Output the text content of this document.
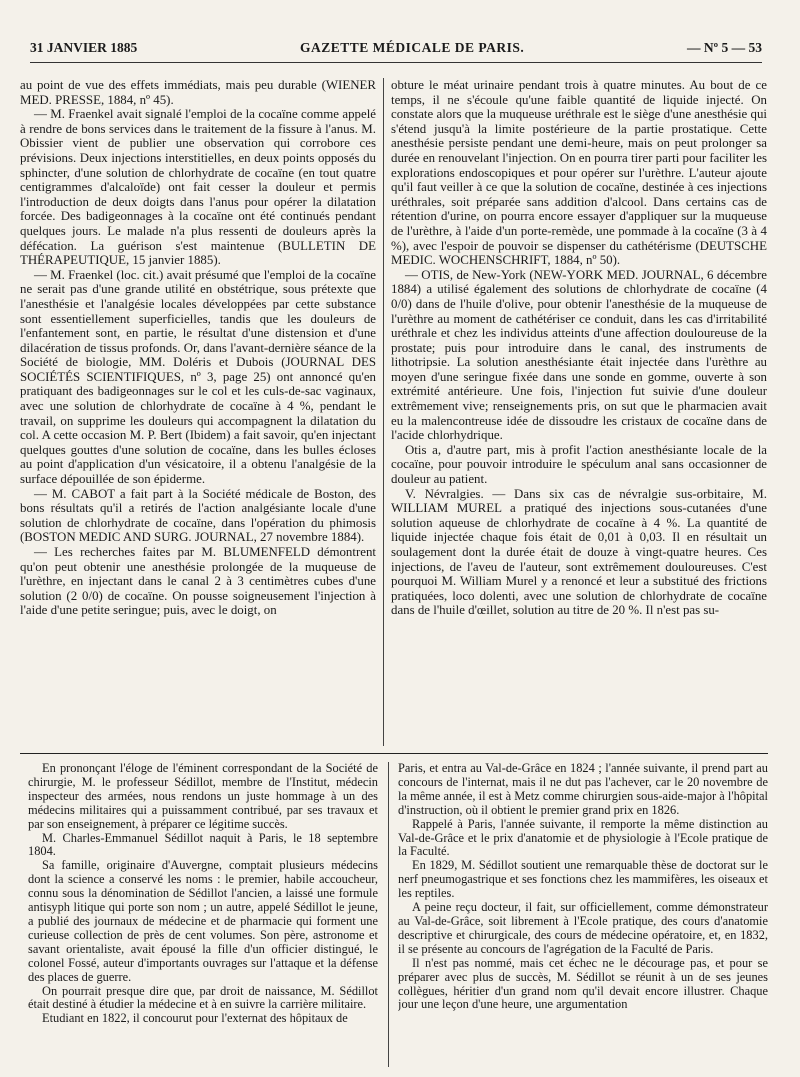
31 JANVIER 1885	GAZETTE MÉDICALE DE PARIS.	— Nº 5 — 53

au point de vue des effets immédiats, mais peu durable (WIENER MED. PRESSE, 1884, nº 45).

— M. Fraenkel avait signalé l'emploi de la cocaïne comme appelé à rendre de bons services dans le traitement de la fissure à l'anus. M. Obissier vient de publier une observation qui corrobore ces prévisions. Deux injections interstitielles, en deux points opposés du sphincter, d'une solution de chlorhydrate de cocaïne (en tout quatre centigrammes d'alcaloïde) ont fait cesser la douleur et permis l'introduction de deux doigts dans l'anus pour opérer la dilatation forcée. Des badigeonnages à la cocaïne ont été continués pendant quelques jours. Le malade n'a plus ressenti de douleurs après la défécation. La guérison s'est maintenue (BULLETIN DE THÉRAPEUTIQUE, 15 janvier 1885).

— M. Fraenkel (loc. cit.) avait présumé que l'emploi de la cocaïne ne serait pas d'une grande utilité en obstétrique, sous prétexte que l'anesthésie et l'analgésie locales développées par cette substance sont essentiellement superficielles, tandis que les douleurs de l'enfantement sont, en partie, le résultat d'une distension et d'une dilacération de tissus profonds. Or, dans l'avant-dernière séance de la Société de biologie, MM. Doléris et Dubois (JOURNAL DES SOCIÉTÉS SCIENTIFIQUES, nº 3, page 25) ont annoncé qu'en pratiquant des badigeonnages sur le col et les culs-de-sac vaginaux, avec une solution de chlorhydrate de cocaïne à 4 %, pendant le travail, on supprime les douleurs qui accompagnent la dilatation du col. A cette occasion M. P. Bert (Ibidem) a fait savoir, qu'en injectant quelques gouttes d'une solution de cocaïne, dans les bulles écloses au point d'application d'un vésicatoire, il a obtenu l'analgésie de la surface dépouillée de son épiderme.

— M. CABOT a fait part à la Société médicale de Boston, des bons résultats qu'il a retirés de l'action analgésiante locale d'une solution de chlorhydrate de cocaïne, dans l'opération du phimosis (BOSTON MEDIC AND SURG. JOURNAL, 27 novembre 1884).

— Les recherches faites par M. BLUMENFELD démontrent qu'on peut obtenir une anesthésie prolongée de la muqueuse de l'urèthre, en injectant dans le canal 2 à 3 centimètres cubes d'une solution (2 0/0) de cocaïne. On pousse soigneusement l'injection à l'aide d'une petite seringue; puis, avec le doigt, on

obture le méat urinaire pendant trois à quatre minutes. Au bout de ce temps, il ne s'écoule qu'une faible quantité de liquide injecté. On constate alors que la muqueuse uréthrale est le siège d'une anesthésie qui s'étend jusqu'à la limite postérieure de la partie prostatique. Cette anesthésie persiste pendant une demi-heure, mais on peut prolonger sa durée en renouvelant l'injection. On en pourra tirer parti pour faciliter les explorations endoscopiques et pour opérer sur l'urèthre. L'auteur ajoute qu'il faut veiller à ce que la solution de cocaïne, destinée à ces injections uréthrales, soit préparée sans addition d'alcool. Dans certains cas de rétention d'urine, on pourra encore essayer d'appliquer sur la muqueuse de l'urèthre, à l'aide d'un porte-remède, une pommade à la cocaïne (3 à 4 %), avec l'espoir de pouvoir se dispenser du cathétérisme (DEUTSCHE MEDIC. WOCHENSCHRIFT, 1884, nº 50).

— OTIS, de New-York (NEW-YORK MED. JOURNAL, 6 décembre 1884) a utilisé également des solutions de chlorhydrate de cocaïne (4 0/0) dans de l'huile d'olive, pour obtenir l'anesthésie de la muqueuse de l'urèthre au moment de cathétériser ce conduit, dans les cas d'irritabilité uréthrale et chez les individus atteints d'une affection douloureuse de la prostate; puis pour introduire dans le canal, des instruments de lithotripsie. La solution anesthésiante était injectée dans l'urèthre au moyen d'une seringue fixée dans une sonde en gomme, ouverte à son extrémité antérieure. Une fois, l'injection fut suivie d'une douleur extrêmement vive; renseignements pris, on sut que le pharmacien avait eu la malencontreuse idée de dissoudre les cristaux de cocaïne dans de l'acide chlorhydrique.

Otis a, d'autre part, mis à profit l'action anesthésiante locale de la cocaïne, pour pouvoir introduire le spéculum anal sans occasionner de douleur au patient.

V. Névralgies. — Dans six cas de névralgie sus-orbitaire, M. WILLIAM MUREL a pratiqué des injections sous-cutanées d'une solution aqueuse de chlorhydrate de cocaïne à 4 %. La quantité de liquide injectée chaque fois était de 0,01 à 0,03. Il en résultait un soulagement dont la durée était de douze à vingt-quatre heures. Ces injections, de l'aveu de l'auteur, sont extrêmement douloureuses. C'est pourquoi M. William Murel y a renoncé et leur a substitué des frictions pratiquées, loco dolenti, avec une solution de chlorhydrate de cocaïne dans de l'huile d'œillet, solution au titre de 20 %. Il n'est pas su-

En prononçant l'éloge de l'éminent correspondant de la Société de chirurgie, M. le professeur Sédillot, membre de l'Institut, médecin inspecteur des armées, nous rendons un juste hommage à un des médecins militaires qui a puissamment contribué, par ses travaux et par son enseignement, à préparer ce légitime succès.

M. Charles-Emmanuel Sédillot naquit à Paris, le 18 septembre 1804.

Sa famille, originaire d'Auvergne, comptait plusieurs médecins dont la science a conservé les noms : le premier, habile accoucheur, connu sous la dénomination de Sédillot l'ancien, a laissé une formule antisyph litique qui porte son nom ; un autre, appelé Sédillot le jeune, a publié des journaux de médecine et de pharmacie qui forment une curieuse collection de près de cent volumes. Son père, astronome et savant orientaliste, avait épousé la fille d'un officier distingué, le colonel Fossé, auteur d'importants ouvrages sur l'attaque et la défense des places de guerre.

On pourrait presque dire que, par droit de naissance, M. Sédillot était destiné à étudier la médecine et à en suivre la carrière militaire.

Etudiant en 1822, il concourut pour l'externat des hôpitaux de

Paris, et entra au Val-de-Grâce en 1824 ; l'année suivante, il prend part au concours de l'internat, mais il ne dut pas l'achever, car le 20 novembre de la même année, il est à Metz comme chirurgien sous-aide-major à l'hôpital d'instruction, où il obtient le premier grand prix en 1826.

Rappelé à Paris, l'année suivante, il remporte la même distinction au Val-de-Grâce et le prix d'anatomie et de physiologie à l'Ecole pratique de la Faculté.

En 1829, M. Sédillot soutient une remarquable thèse de doctorat sur le nerf pneumogastrique et ses fonctions chez les mammifères, les oiseaux et les reptiles.

A peine reçu docteur, il fait, sur officiellement, comme démonstrateur au Val-de-Grâce, soit librement à l'Ecole pratique, des cours d'anatomie descriptive et chirurgicale, des cours de médecine opératoire, et, en 1832, il se présente au concours de l'agrégation de la Faculté de Paris.

Il n'est pas nommé, mais cet échec ne le décourage pas, et pour se préparer avec plus de succès, M. Sédillot se réunit à un de ses jeunes collègues, héritier d'un grand nom qu'il devait encore illustrer. Chaque jour une leçon d'une heure, une argumentation
